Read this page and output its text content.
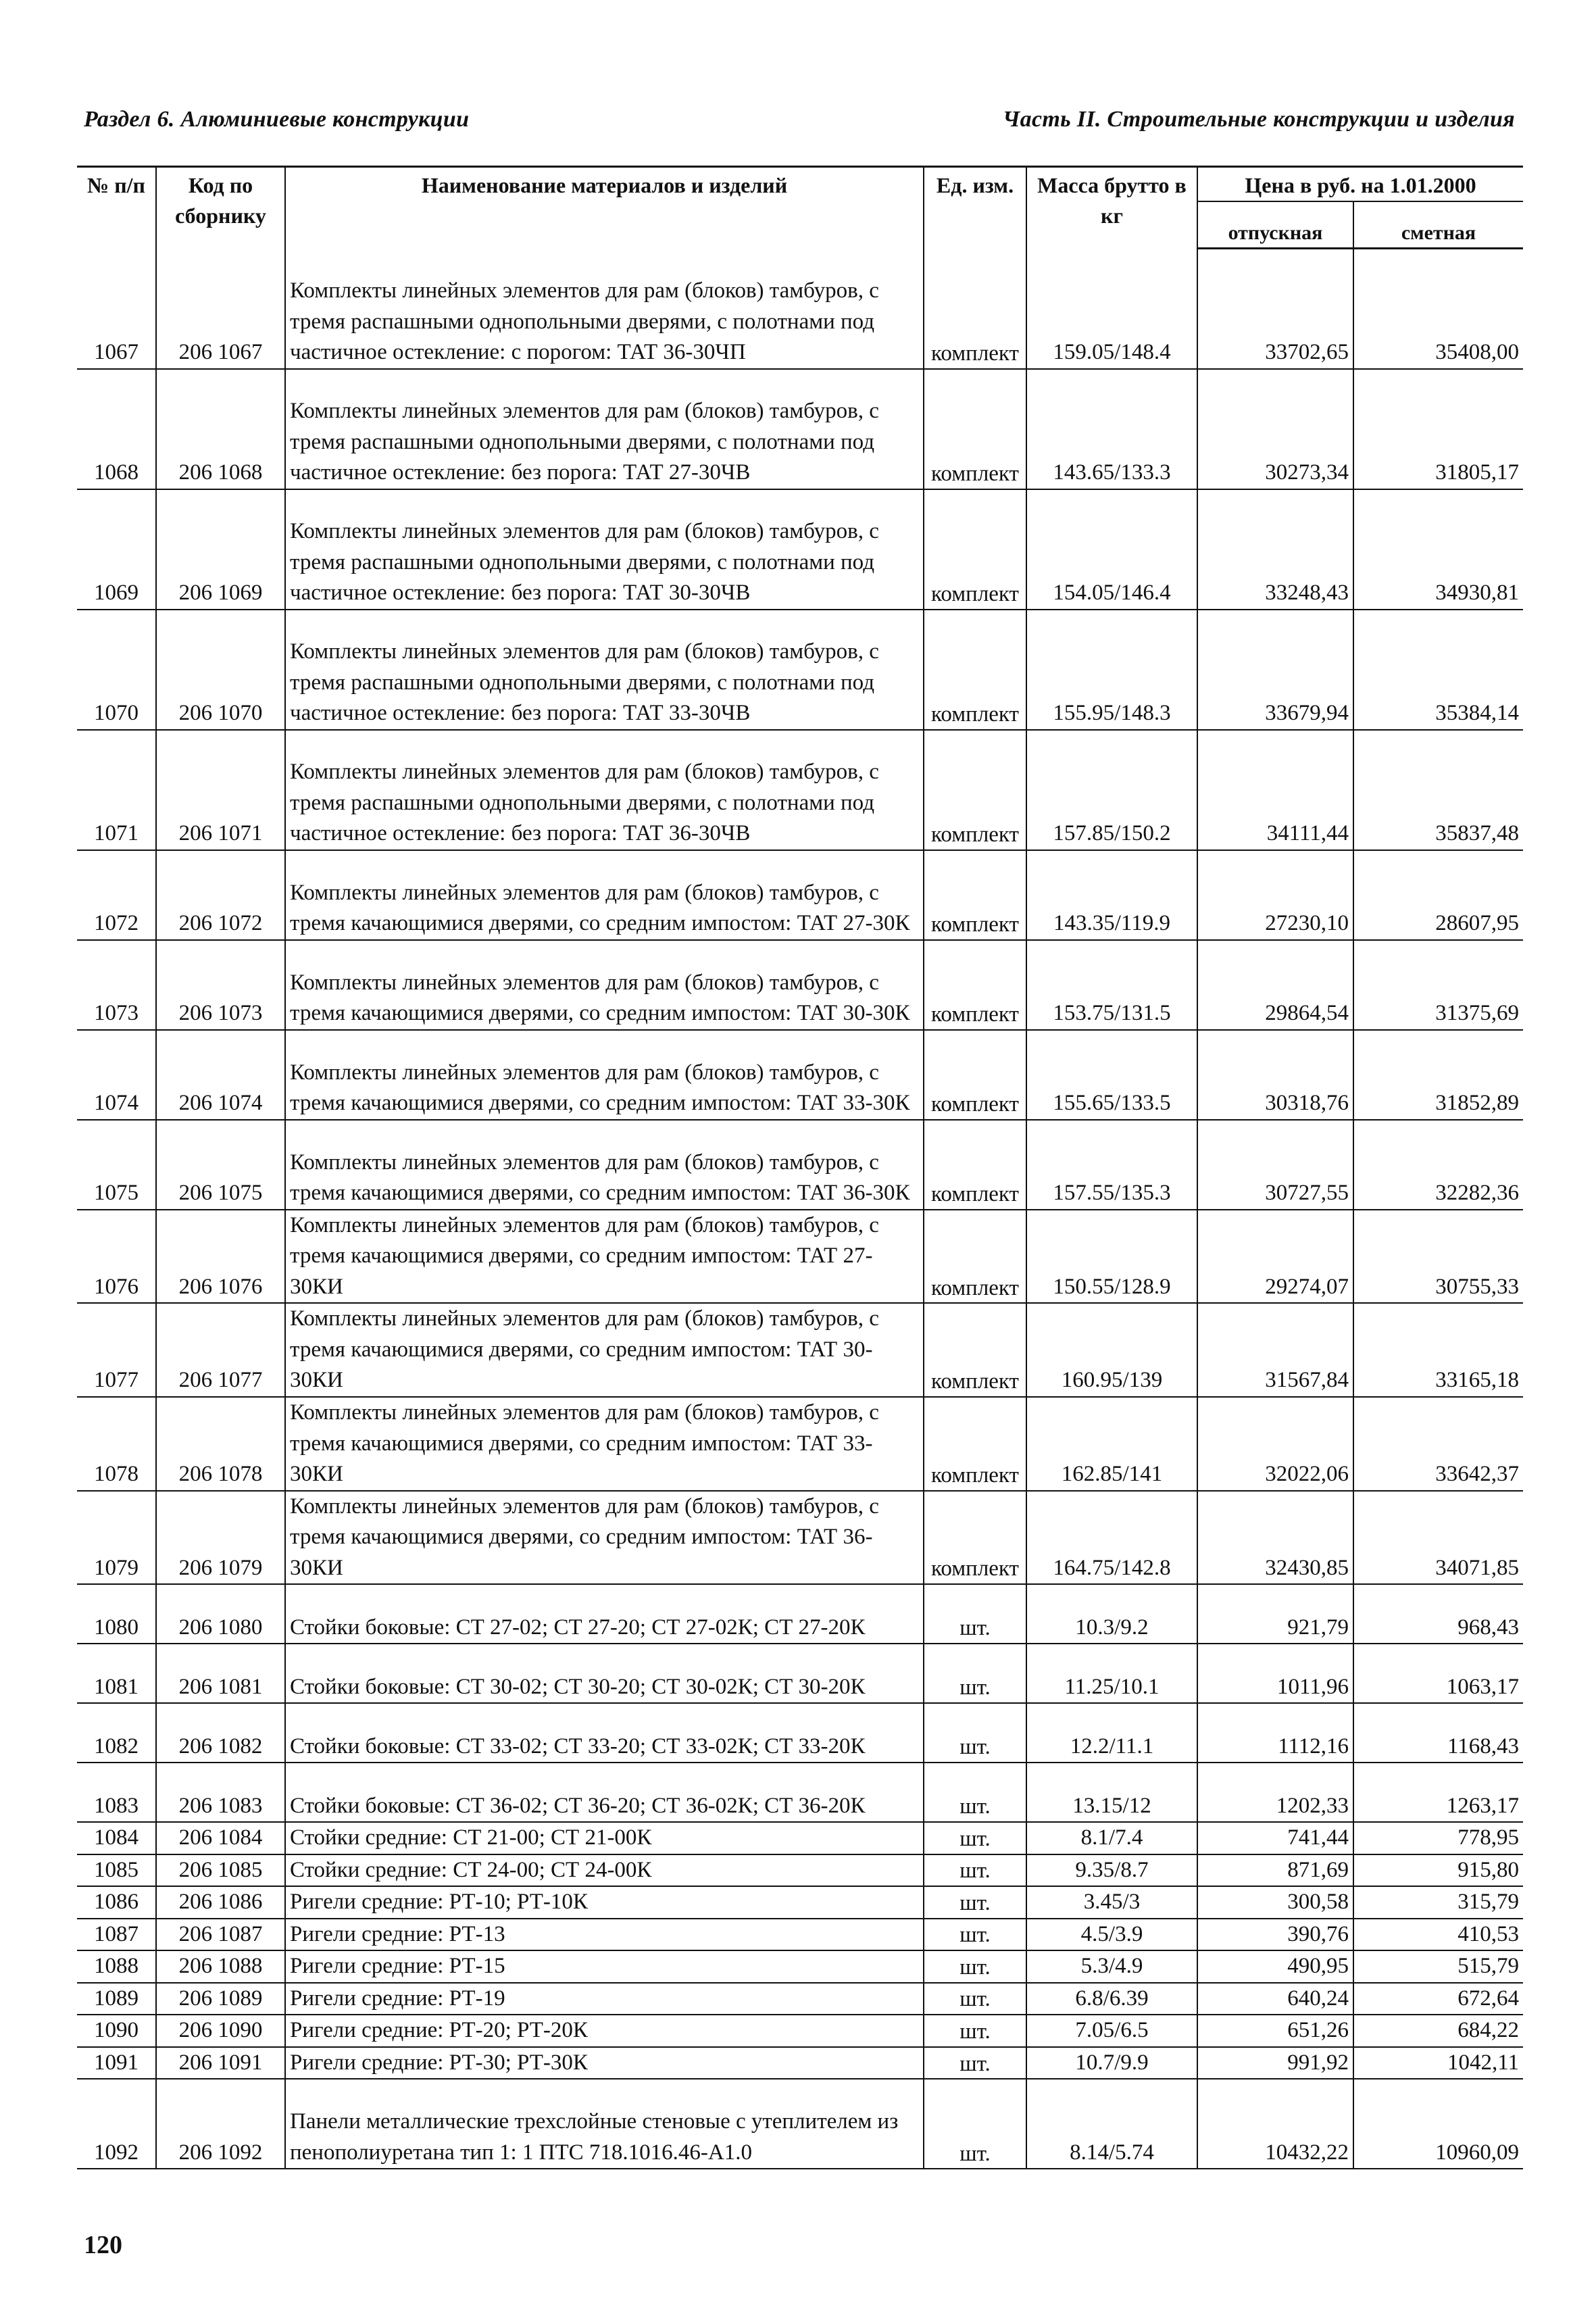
Раздел 6. Алюминиевые конструкции	Часть II. Строительные конструкции и изделия
№ п/п	Код по сборнику	Наименование материалов и изделий	Ед. изм.	Масса брутто в кг	Цена в руб. на 1.01.2000	
					отпускная	сметная
1067	206 1067	Комплекты линейных элементов для рам (блоков) тамбуров, с тремя распашными однопольными дверями, с полотнами под частичное остекление: с порогом: ТАТ 36-30ЧП	комплект	159.05/148.4	33702,65	35408,00
1068	206 1068	Комплекты линейных элементов для рам (блоков) тамбуров, с тремя распашными однопольными дверями, с полотнами под частичное остекление: без порога: ТАТ 27-30ЧВ	комплект	143.65/133.3	30273,34	31805,17
1069	206 1069	Комплекты линейных элементов для рам (блоков) тамбуров, с тремя распашными однопольными дверями, с полотнами под частичное остекление: без порога: ТАТ 30-30ЧВ	комплект	154.05/146.4	33248,43	34930,81
1070	206 1070	Комплекты линейных элементов для рам (блоков) тамбуров, с тремя распашными однопольными дверями, с полотнами под частичное остекление: без порога: ТАТ 33-30ЧВ	комплект	155.95/148.3	33679,94	35384,14
1071	206 1071	Комплекты линейных элементов для рам (блоков) тамбуров, с тремя распашными однопольными дверями, с полотнами под частичное остекление: без порога: ТАТ 36-30ЧВ	комплект	157.85/150.2	34111,44	35837,48
1072	206 1072	Комплекты линейных элементов для рам (блоков) тамбуров, с тремя качающимися дверями, со средним импостом: ТАТ 27-30К	комплект	143.35/119.9	27230,10	28607,95
1073	206 1073	Комплекты линейных элементов для рам (блоков) тамбуров, с тремя качающимися дверями, со средним импостом: ТАТ 30-30К	комплект	153.75/131.5	29864,54	31375,69
1074	206 1074	Комплекты линейных элементов для рам (блоков) тамбуров, с тремя качающимися дверями, со средним импостом: ТАТ 33-30К	комплект	155.65/133.5	30318,76	31852,89
1075	206 1075	Комплекты линейных элементов для рам (блоков) тамбуров, с тремя качающимися дверями, со средним импостом: ТАТ 36-30К	комплект	157.55/135.3	30727,55	32282,36
1076	206 1076	Комплекты линейных элементов для рам (блоков) тамбуров, с тремя качающимися дверями, со средним импостом: ТАТ 27-30КИ	комплект	150.55/128.9	29274,07	30755,33
1077	206 1077	Комплекты линейных элементов для рам (блоков) тамбуров, с тремя качающимися дверями, со средним импостом: ТАТ 30-30КИ	комплект	160.95/139	31567,84	33165,18
1078	206 1078	Комплекты линейных элементов для рам (блоков) тамбуров, с тремя качающимися дверями, со средним импостом: ТАТ 33-30КИ	комплект	162.85/141	32022,06	33642,37
1079	206 1079	Комплекты линейных элементов для рам (блоков) тамбуров, с тремя качающимися дверями, со средним импостом: ТАТ 36-30КИ	комплект	164.75/142.8	32430,85	34071,85
1080	206 1080	Стойки боковые: СТ 27-02; СТ 27-20; СТ 27-02К; СТ 27-20К	шт.	10.3/9.2	921,79	968,43
1081	206 1081	Стойки боковые: СТ 30-02; СТ 30-20; СТ 30-02К; СТ 30-20К	шт.	11.25/10.1	1011,96	1063,17
1082	206 1082	Стойки боковые: СТ 33-02; СТ 33-20; СТ 33-02К; СТ 33-20К	шт.	12.2/11.1	1112,16	1168,43
1083	206 1083	Стойки боковые: СТ 36-02; СТ 36-20; СТ 36-02К; СТ 36-20К	шт.	13.15/12	1202,33	1263,17
1084	206 1084	Стойки средние: СТ 21-00; СТ 21-00К	шт.	8.1/7.4	741,44	778,95
1085	206 1085	Стойки средние: СТ 24-00; СТ 24-00К	шт.	9.35/8.7	871,69	915,80
1086	206 1086	Ригели средние: РТ-10; РТ-10К	шт.	3.45/3	300,58	315,79
1087	206 1087	Ригели средние: РТ-13	шт.	4.5/3.9	390,76	410,53
1088	206 1088	Ригели средние: РТ-15	шт.	5.3/4.9	490,95	515,79
1089	206 1089	Ригели средние: РТ-19	шт.	6.8/6.39	640,24	672,64
1090	206 1090	Ригели средние: РТ-20; РТ-20К	шт.	7.05/6.5	651,26	684,22
1091	206 1091	Ригели средние: РТ-30; РТ-30К	шт.	10.7/9.9	991,92	1042,11
1092	206 1092	Панели металлические трехслойные стеновые с утеплителем из пенополиуретана тип 1: 1 ПТС 718.1016.46-А1.0	шт.	8.14/5.74	10432,22	10960,09
120
